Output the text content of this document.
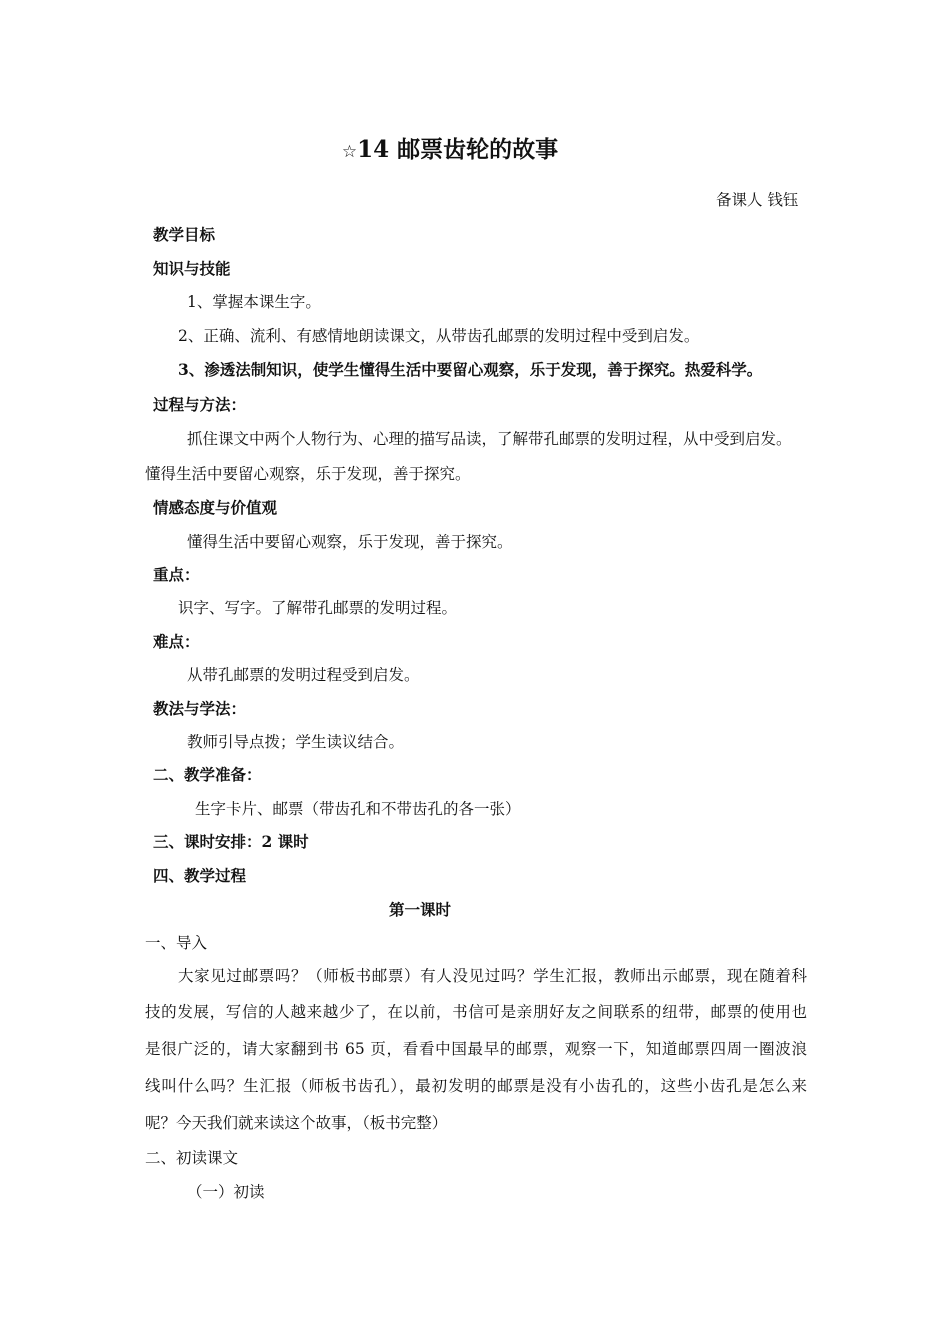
☆14 邮票齿轮的故事
备课人 钱钰
教学目标
知识与技能
1、掌握本课生字。
2、正确、流利、有感情地朗读课文，从带齿孔邮票的发明过程中受到启发。
3、渗透法制知识，使学生懂得生活中要留心观察，乐于发现，善于探究。热爱科学。
过程与方法：
抓住课文中两个人物行为、心理的描写品读，了解带孔邮票的发明过程，从中受到启发。
懂得生活中要留心观察，乐于发现，善于探究。
情感态度与价值观
懂得生活中要留心观察，乐于发现，善于探究。
重点：
识字、写字。了解带孔邮票的发明过程。
难点：
从带孔邮票的发明过程受到启发。
教法与学法：
教师引导点拨；学生读议结合。
二、教学准备：
生字卡片、邮票（带齿孔和不带齿孔的各一张）
三、课时安排：2 课时
四、教学过程
第一课时
一、导入
大家见过邮票吗？（师板书邮票）有人没见过吗？学生汇报，教师出示邮票，现在随着科
技的发展，写信的人越来越少了，在以前，书信可是亲朋好友之间联系的纽带，邮票的使用也
是很广泛的，请大家翻到书 65 页，看看中国最早的邮票，观察一下，知道邮票四周一圈波浪
线叫什么吗？生汇报（师板书齿孔），最初发明的邮票是没有小齿孔的，这些小齿孔是怎么来
呢？今天我们就来读这个故事，（板书完整）
二、初读课文
（一）初读
